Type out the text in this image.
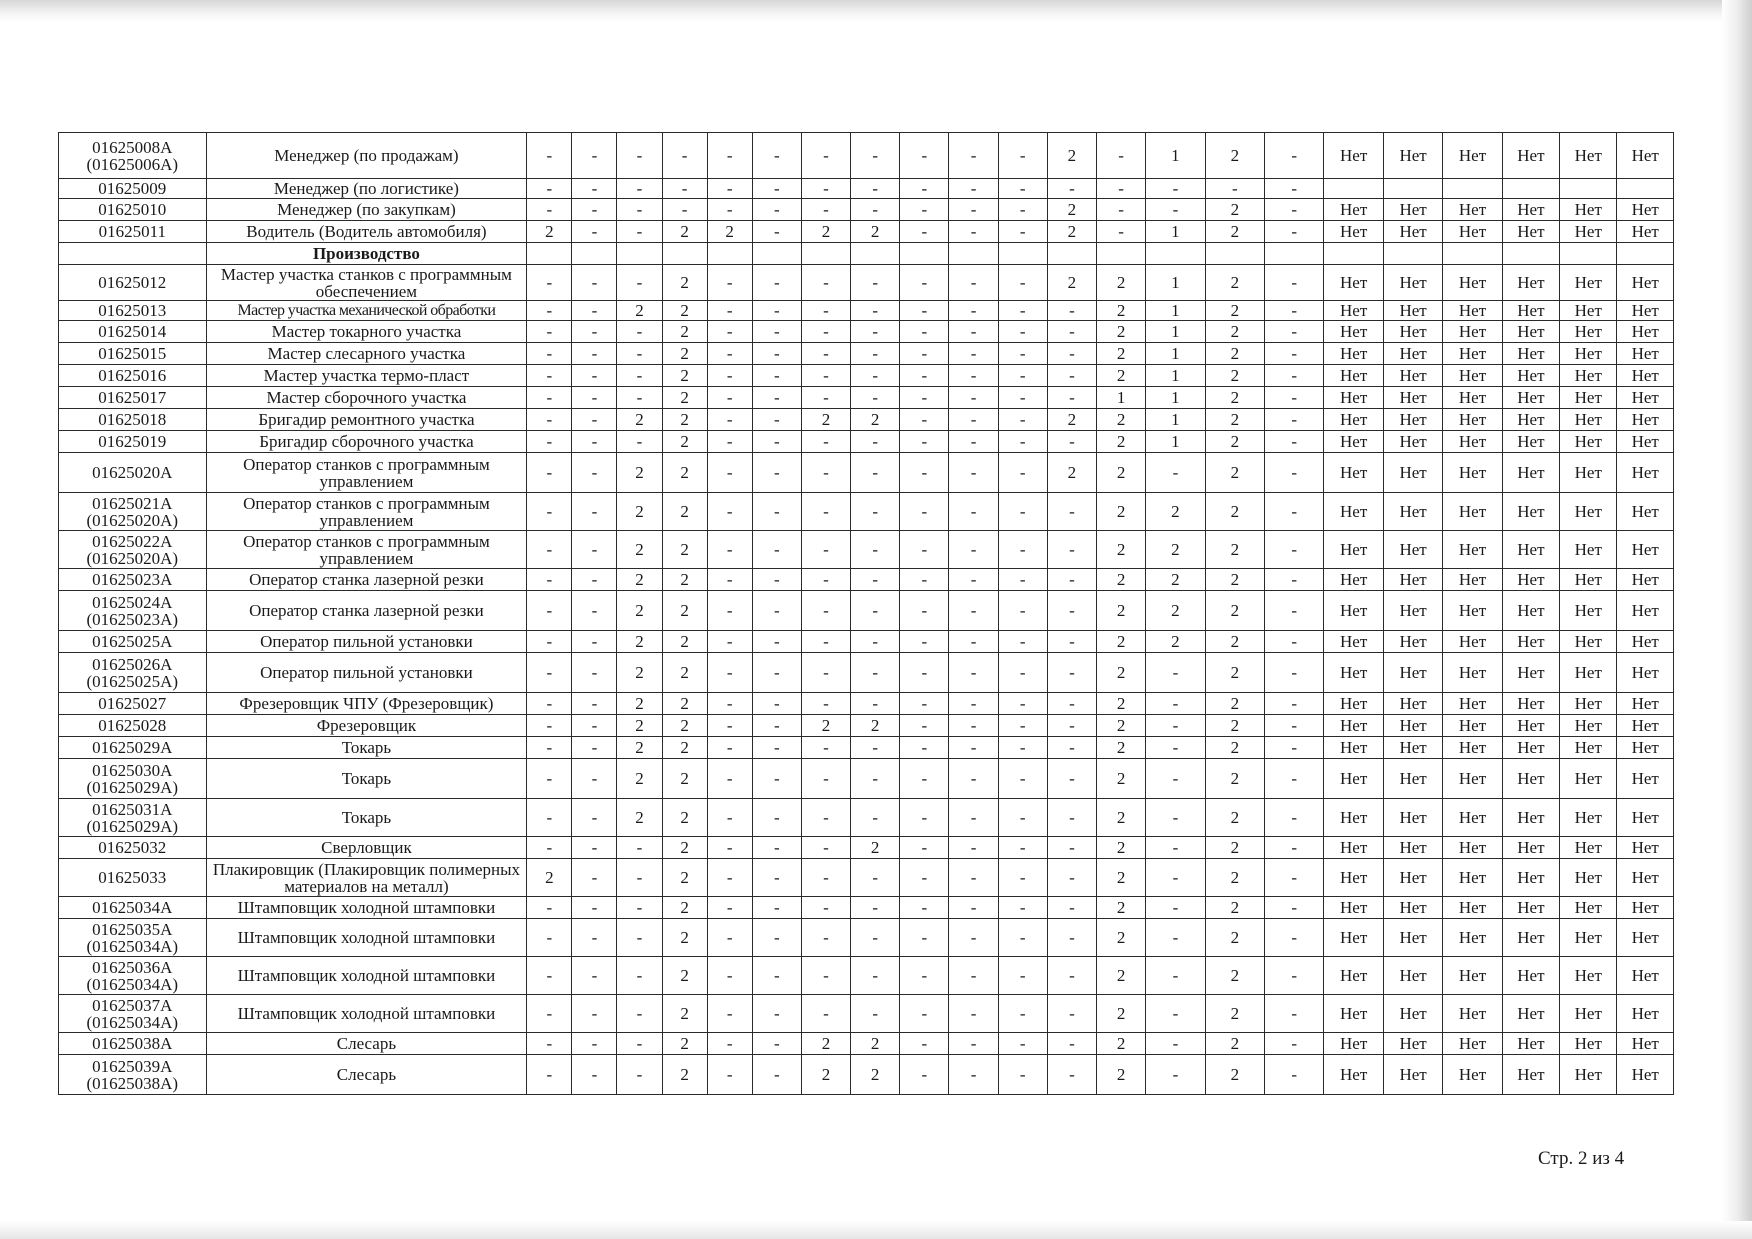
01625008А (01625006А)	Менеджер (по продажам)	-	-	-	-	-	-	-	-	-	-	-	2	-	1	2	-	Нет	Нет	Нет	Нет	Нет	Нет
01625009	Менеджер (по логистике)	-	-	-	-	-	-	-	-	-	-	-	-	-	-	-	-						
01625010	Менеджер (по закупкам)	-	-	-	-	-	-	-	-	-	-	-	2	-	-	2	-	Нет	Нет	Нет	Нет	Нет	Нет
01625011	Водитель (Водитель автомобиля)	2	-	-	2	2	-	2	2	-	-	-	2	-	1	2	-	Нет	Нет	Нет	Нет	Нет	Нет
	Производство																						
01625012	Мастер участка станков с программным обеспечением	-	-	-	2	-	-	-	-	-	-	-	2	2	1	2	-	Нет	Нет	Нет	Нет	Нет	Нет
01625013	Мастер участка механической обработки	-	-	2	2	-	-	-	-	-	-	-	-	2	1	2	-	Нет	Нет	Нет	Нет	Нет	Нет
01625014	Мастер токарного участка	-	-	-	2	-	-	-	-	-	-	-	-	2	1	2	-	Нет	Нет	Нет	Нет	Нет	Нет
01625015	Мастер слесарного участка	-	-	-	2	-	-	-	-	-	-	-	-	2	1	2	-	Нет	Нет	Нет	Нет	Нет	Нет
01625016	Мастер участка термо-пласт	-	-	-	2	-	-	-	-	-	-	-	-	2	1	2	-	Нет	Нет	Нет	Нет	Нет	Нет
01625017	Мастер сборочного участка	-	-	-	2	-	-	-	-	-	-	-	-	1	1	2	-	Нет	Нет	Нет	Нет	Нет	Нет
01625018	Бригадир ремонтного участка	-	-	2	2	-	-	2	2	-	-	-	2	2	1	2	-	Нет	Нет	Нет	Нет	Нет	Нет
01625019	Бригадир сборочного участка	-	-	-	2	-	-	-	-	-	-	-	-	2	1	2	-	Нет	Нет	Нет	Нет	Нет	Нет
01625020А	Оператор станков с программным управлением	-	-	2	2	-	-	-	-	-	-	-	2	2	-	2	-	Нет	Нет	Нет	Нет	Нет	Нет
01625021А (01625020А)	Оператор станков с программным управлением	-	-	2	2	-	-	-	-	-	-	-	-	2	2	2	-	Нет	Нет	Нет	Нет	Нет	Нет
01625022А (01625020А)	Оператор станков с программным управлением	-	-	2	2	-	-	-	-	-	-	-	-	2	2	2	-	Нет	Нет	Нет	Нет	Нет	Нет
01625023А	Оператор станка лазерной резки	-	-	2	2	-	-	-	-	-	-	-	-	2	2	2	-	Нет	Нет	Нет	Нет	Нет	Нет
01625024А (01625023А)	Оператор станка лазерной резки	-	-	2	2	-	-	-	-	-	-	-	-	2	2	2	-	Нет	Нет	Нет	Нет	Нет	Нет
01625025А	Оператор пильной установки	-	-	2	2	-	-	-	-	-	-	-	-	2	2	2	-	Нет	Нет	Нет	Нет	Нет	Нет
01625026А (01625025А)	Оператор пильной установки	-	-	2	2	-	-	-	-	-	-	-	-	2	-	2	-	Нет	Нет	Нет	Нет	Нет	Нет
01625027	Фрезеровщик ЧПУ (Фрезеровщик)	-	-	2	2	-	-	-	-	-	-	-	-	2	-	2	-	Нет	Нет	Нет	Нет	Нет	Нет
01625028	Фрезеровщик	-	-	2	2	-	-	2	2	-	-	-	-	2	-	2	-	Нет	Нет	Нет	Нет	Нет	Нет
01625029А	Токарь	-	-	2	2	-	-	-	-	-	-	-	-	2	-	2	-	Нет	Нет	Нет	Нет	Нет	Нет
01625030А (01625029А)	Токарь	-	-	2	2	-	-	-	-	-	-	-	-	2	-	2	-	Нет	Нет	Нет	Нет	Нет	Нет
01625031А (01625029А)	Токарь	-	-	2	2	-	-	-	-	-	-	-	-	2	-	2	-	Нет	Нет	Нет	Нет	Нет	Нет
01625032	Сверловщик	-	-	-	2	-	-	-	2	-	-	-	-	2	-	2	-	Нет	Нет	Нет	Нет	Нет	Нет
01625033	Плакировщик (Плакировщик полимерных материалов на металл)	2	-	-	2	-	-	-	-	-	-	-	-	2	-	2	-	Нет	Нет	Нет	Нет	Нет	Нет
01625034А	Штамповщик холодной штамповки	-	-	-	2	-	-	-	-	-	-	-	-	2	-	2	-	Нет	Нет	Нет	Нет	Нет	Нет
01625035А (01625034А)	Штамповщик холодной штамповки	-	-	-	2	-	-	-	-	-	-	-	-	2	-	2	-	Нет	Нет	Нет	Нет	Нет	Нет
01625036А (01625034А)	Штамповщик холодной штамповки	-	-	-	2	-	-	-	-	-	-	-	-	2	-	2	-	Нет	Нет	Нет	Нет	Нет	Нет
01625037А (01625034А)	Штамповщик холодной штамповки	-	-	-	2	-	-	-	-	-	-	-	-	2	-	2	-	Нет	Нет	Нет	Нет	Нет	Нет
01625038А	Слесарь	-	-	-	2	-	-	2	2	-	-	-	-	2	-	2	-	Нет	Нет	Нет	Нет	Нет	Нет
01625039А (01625038А)	Слесарь	-	-	-	2	-	-	2	2	-	-	-	-	2	-	2	-	Нет	Нет	Нет	Нет	Нет	Нет
Стр. 2 из 4
